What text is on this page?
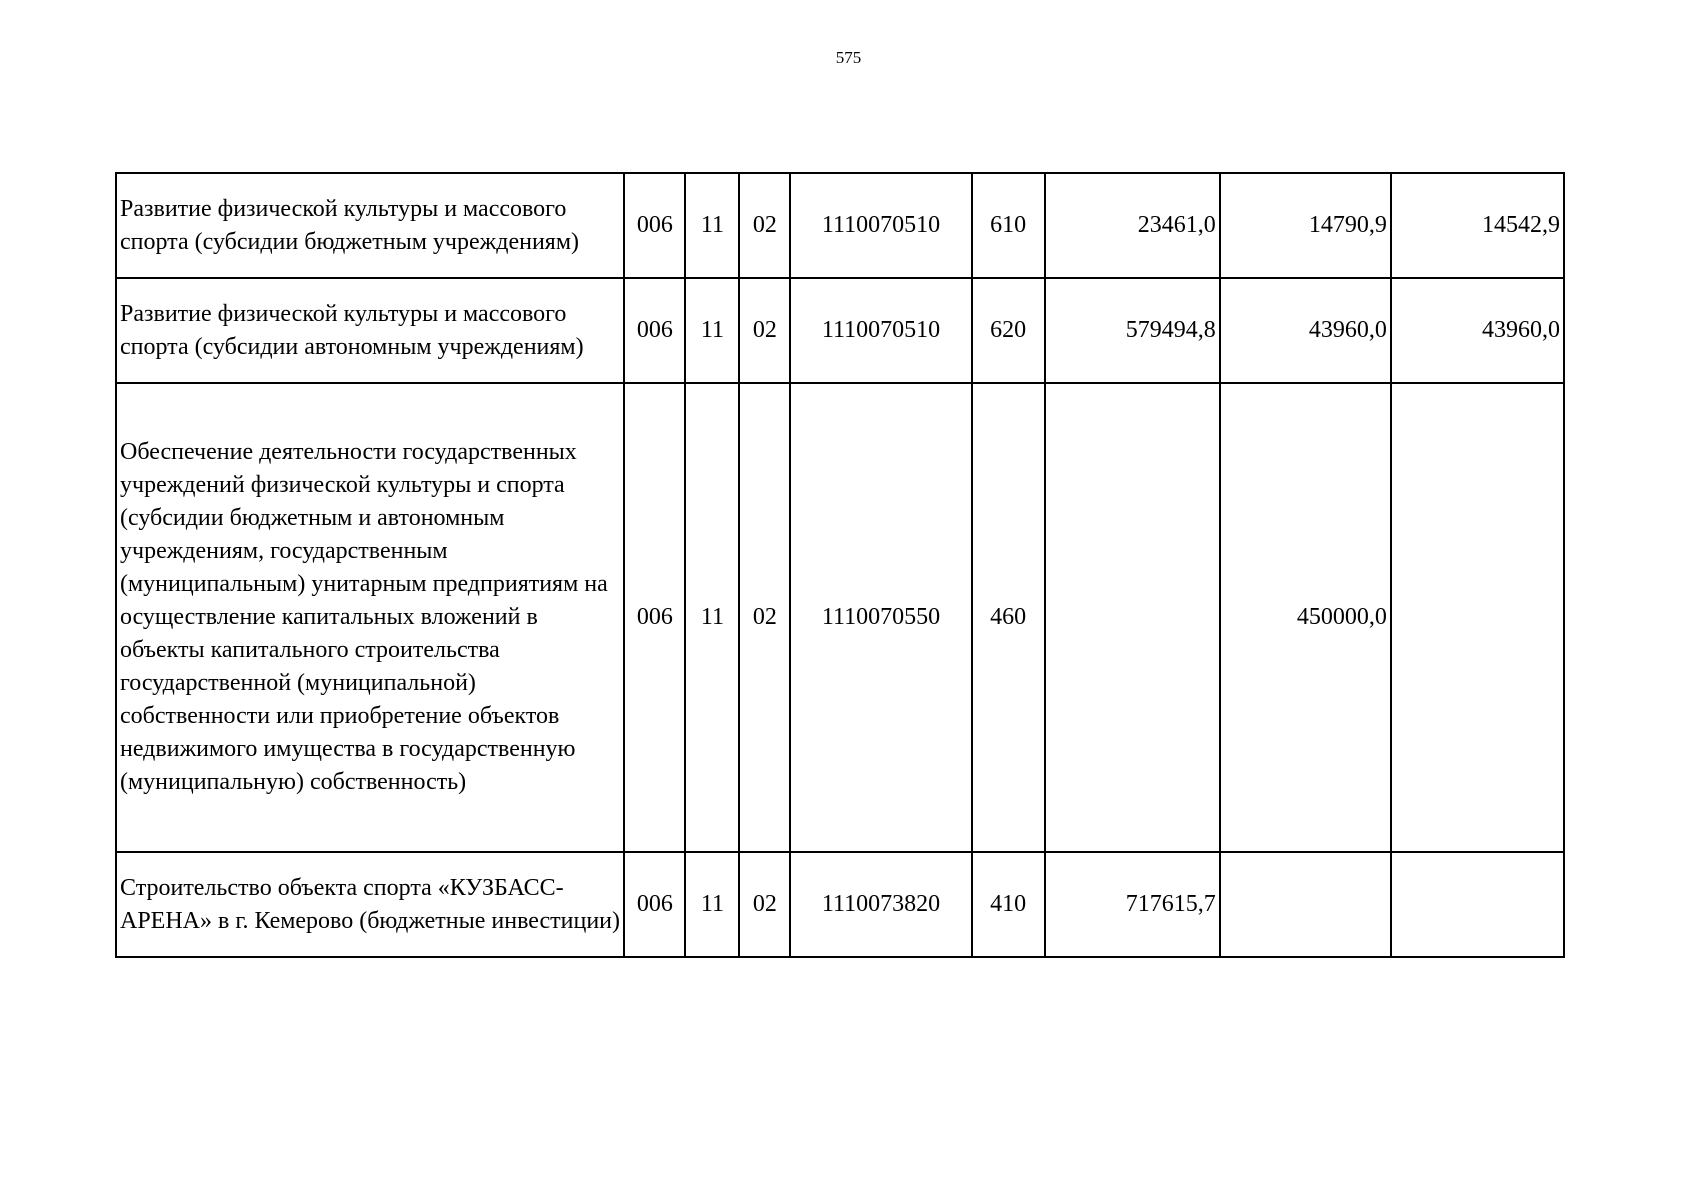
575
Развитие физической культуры и массового спорта (субсидии бюджетным учреждениям)	006	11	02	1110070510	610	23461,0	14790,9	14542,9
Развитие физической культуры и массового спорта (субсидии автономным учреждениям)	006	11	02	1110070510	620	579494,8	43960,0	43960,0
Обеспечение деятельности государственных учреждений физической культуры и спорта (субсидии бюджетным и автономным учреждениям, государственным (муниципальным) унитарным предприятиям на осуществление капитальных вложений в объекты капитального строительства государственной (муниципальной) собственности или приобретение объектов недвижимого имущества в государственную (муниципальную) собственность)	006	11	02	1110070550	460		450000,0	
Строительство объекта спорта «КУЗБАСС-АРЕНА» в г. Кемерово (бюджетные инвестиции)	006	11	02	1110073820	410	717615,7		
